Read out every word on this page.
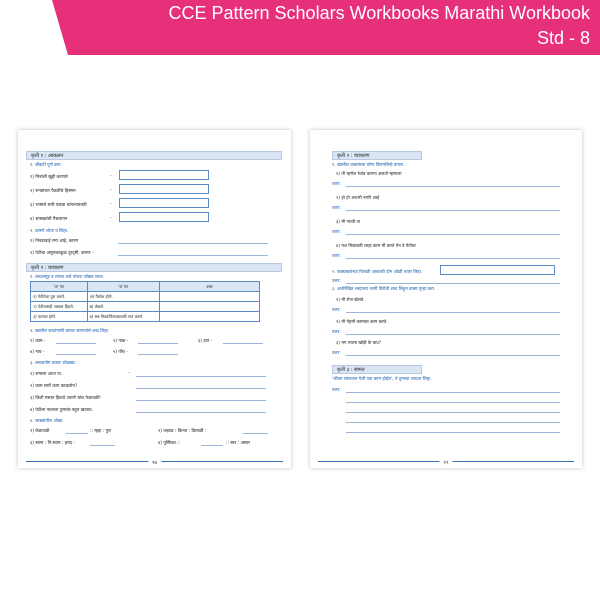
CCE Pattern Scholars Workbooks Marathi Workbook
Std - 8
कृती १ : आकलन
१. चौकटी पूर्ण करा.
१) मित्रांशी खुद्दी करणारे	-
२) रानडांच्या पैकतींचे हिस्सम	-
३) भाषांचे सारी पळवा चांगल्यासाठी	-
४) शास्त्रज्ञांची पैचलायन	-
२. कारणे शोधा व लिहा.
१) निवडावाई रम्य आहे, कारण
२) पेटीचा अमूलकाकूळ दूरदृष्टी, कारण -
कृती २ : व्याकरण
१. शब्दसमूह व त्याचा अर्थ यांच्या जोड्या लावा.
'अ' गट	'ब' गट	उत्तर
१) पेटीतेचा पुरा करणे.	अ) पैलोश होणे.	
२) पेटीतलाही जरबल हिंडणे.	ब) लेखने.	
३) फरफट होणे.	ड) सब निवडणिकाळातली नाव करणे.	
२. खालील शब्दांपासी ग्रामतः सारल्यांचे शब्द लिहा.
१) काम -	२) पाक -	३) हात -
४) नाव -	५) पाँच -
३. शब्दप्रयोग प्रकार ओळखा.
१) रामाला आता पा.	-
२) काम सारी काय काळतोय?
३) किती मस्तत हिडावे जराणे चांच फेडावळी!
४) पेटीला नवलता दुसरांच बहुत खाताव.
४. जाड्यांतील ओळा.
१) केडावाडी	:: म्हद्दा : पुरा	२) जहाळ : किन्ता : किराळी :
३) स्वाम : नि.स्वाम : हराद :	४) पुस्तिका ::	:: स्वर : अस्वर
१७
कृती २ : व्याकरण
१. खालील वाक्यांच्या चोग्य विरामचिन्हे वापरा.
१) ती म्हणेल रेवांत्र करण्य असतो म्हणाला
उत्तर:
२) हो हो अरतरी नगरी आई
उत्तर:
३) मी न्यावी ता
उत्तर:
४) यश मिळवाठी लाहा काम मी करते पेन डे पेटीचा
उत्तर:
२. वाक्प्रचारांच्या विराळी आकाशी दोन ओळी तयार लिहा.
उत्तर:
३. अधोरेखित शब्दांच्या जागी विरोधी शब्द लिहून वाक्य पुन्हा करा.
१) मी रोज खेलते.
उत्तर:
२) मी नेहमी कामाचा काम करते.
उत्तर:
३) मग त्याला खोड़ी के बाद?
उत्तर:
कृती ३ : स्वमत
'जीवन संघरवान गेली एक काम होईल', ते तुमच्या शब्दात लिहा.
उत्तर:
१९
